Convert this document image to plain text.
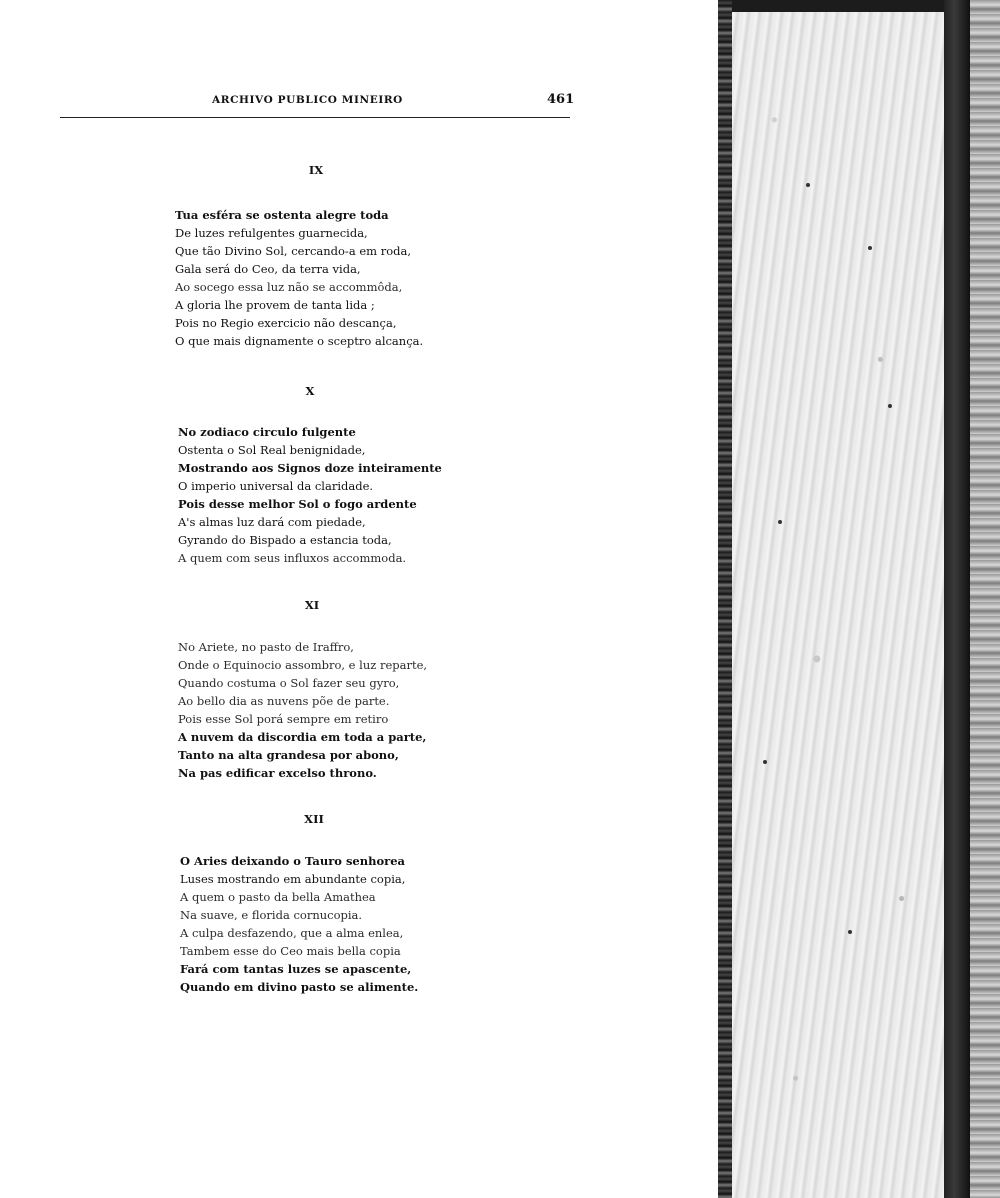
ARCHIVO PUBLICO MINEIRO	461
IX
Tua esféra se ostenta alegre toda
De luzes refulgentes guarnecida,
Que tão Divino Sol, cercando-a em roda,
Gala será do Ceo, da terra vida,
Ao socego essa luz não se accommôda,
A gloria lhe provem de tanta lida ;
Pois no Regio exercicio não descança,
O que mais dignamente o sceptro alcança.
X
No zodiaco circulo fulgente
Ostenta o Sol Real benignidade,
Mostrando aos Signos doze inteiramente
O imperio universal da claridade.
Pois desse melhor Sol o fogo ardente
A's almas luz dará com piedade,
Gyrando do Bispado a estancia toda,
A quem com seus influxos accommoda.
XI
No Ariete, no pasto de Iraffro,
Onde o Equinocio assombro, e luz reparte,
Quando costuma o Sol fazer seu gyro,
Ao bello dia as nuvens põe de parte.
Pois esse Sol porá sempre em retiro
A nuvem da discordia em toda a parte,
Tanto na alta grandesa por abono,
Na pas edificar excelso throno.
XII
O Aries deixando o Tauro senhorea
Luses mostrando em abundante copia,
A quem o pasto da bella Amathea
Na suave, e florida cornucopia.
A culpa desfazendo, que a alma enlea,
Tambem esse do Ceo mais bella copia
Fará com tantas luzes se apascente,
Quando em divino pasto se alimente.
